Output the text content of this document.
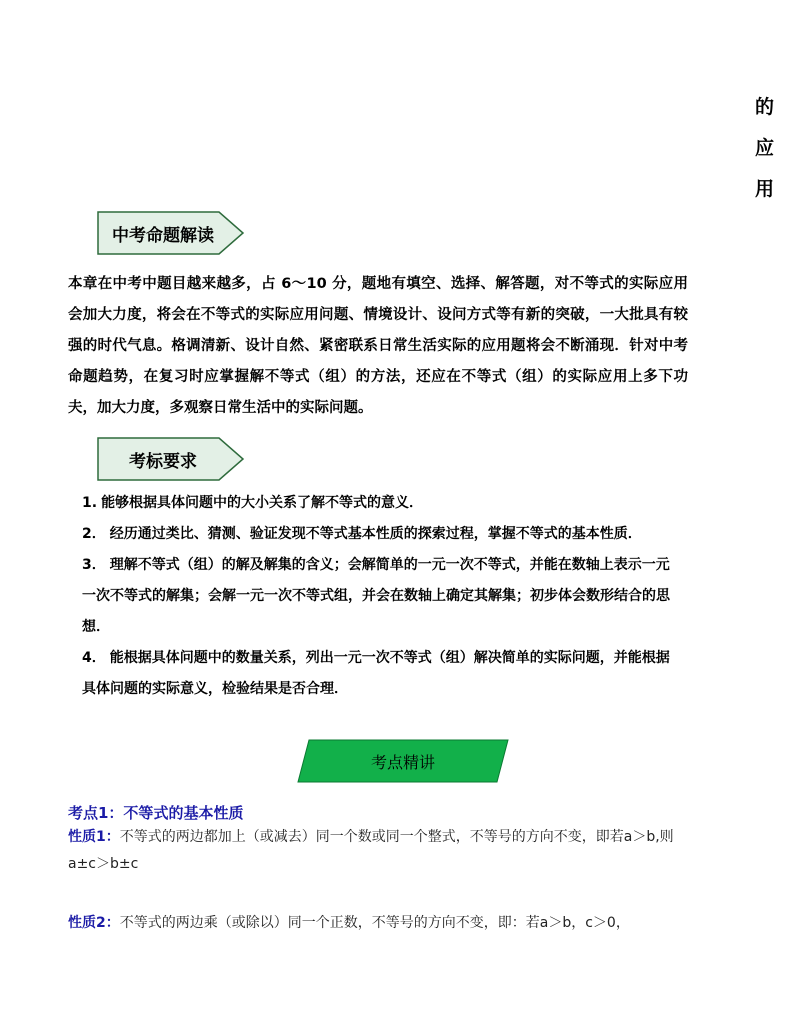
的
应
用
中考命题解读
本章在中考中题目越来越多，占 6～10 分，题地有填空、选择、解答题，对不等式的实际应用会加大力度，将会在不等式的实际应用问题、情境设计、设问方式等有新的突破，一大批具有较强的时代气息。格调清新、设计自然、紧密联系日常生活实际的应用题将会不断涌现．针对中考命题趋势，在复习时应掌握解不等式（组）的方法，还应在不等式（组）的实际应用上多下功夫，加大力度，多观察日常生活中的实际问题。
考标要求
1. 能够根据具体问题中的大小关系了解不等式的意义．
2． 经历通过类比、猜测、验证发现不等式基本性质的探索过程，掌握不等式的基本性质．
3． 理解不等式（组）的解及解集的含义；会解简单的一元一次不等式，并能在数轴上表示一元一次不等式的解集；会解一元一次不等式组，并会在数轴上确定其解集；初步体会数形结合的思想．
4． 能根据具体问题中的数量关系，列出一元一次不等式（组）解决简单的实际问题，并能根据具体问题的实际意义，检验结果是否合理．
考点精讲
考点1：不等式的基本性质
性质1：不等式的两边都加上（或减去）同一个数或同一个整式，不等号的方向不变，即若a＞b,则a±c＞b±c
性质2：不等式的两边乘（或除以）同一个正数，不等号的方向不变，即：若a＞b，c＞0，
